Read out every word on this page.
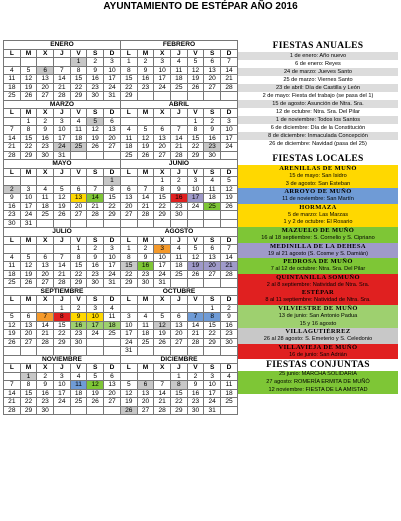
AYUNTAMIENTO DE ESTÉPAR AÑO 2016
ENERO							FEBRERO						
L	M	X	J	V	S	D	L	M	X	J	V	S	D
				1	2	3	1	2	3	4	5	6	7
4	5	6	7	8	9	10	8	9	10	11	12	13	14
11	12	13	14	15	16	17	15	16	17	18	19	20	21
18	19	20	21	22	23	24	22	23	24	25	26	27	28
25	26	27	28	29	30	31	29						
MARZO							ABRIL						
L	M	X	J	V	S	D	L	M	X	J	V	S	D
	1	2	3	4	5	6					1	2	3
7	8	9	10	11	12	13	4	5	6	7	8	9	10
14	15	16	17	18	19	20	11	12	13	14	15	16	17
21	22	23	24	25	26	27	18	19	20	21	22	23	24
28	29	30	31				25	26	27	28	29	30	
MAYO							JUNIO						
L	M	X	J	V	S	D	L	M	X	J	V	S	D
						1			1	2	3	4	5
2	3	4	5	6	7	8	6	7	8	9	10	11	12
9	10	11	12	13	14	15	13	14	15	16	17	18	19
16	17	18	19	20	21	22	20	21	22	23	24	25	26
23	24	25	26	27	28	29	27	28	29	30			
30	31												
JULIO							AGOSTO						
L	M	X	J	V	S	D	L	M	X	J	V	S	D
				1	2	3	1	2	3	4	5	6	7
4	5	6	7	8	9	10	8	9	10	11	12	13	14
11	12	13	14	15	16	17	15	16	17	18	19	20	21
18	19	20	21	22	23	24	22	23	24	25	26	27	28
25	26	27	28	29	30	31	29	30	31				
SEPTIEMBRE							OCTUBRE						
L	M	X	J	V	S	D	L	M	X	J	V	S	D
			1	2	3	4						1	2
5	6	7	8	9	10	11	3	4	5	6	7	8	9
12	13	14	15	16	17	18	10	11	12	13	14	15	16
19	20	21	22	23	24	25	17	18	19	20	21	22	23
26	27	28	29	30			24	25	26	27	28	29	30
							31						
NOVIEMBRE							DICIEMBRE						
L	M	X	J	V	S	D	L	M	X	J	V	S	D
	1	2	3	4	5	6				1	2	3	4
7	8	9	10	11	12	13	5	6	7	8	9	10	11
14	15	16	17	18	19	20	12	13	14	15	16	17	18
21	22	23	24	25	26	27	19	20	21	22	23	24	25
28	29	30					26	27	28	29	30	31	
FIESTAS ANUALES
1 de enero: Año nuevo
6 de enero: Reyes
24 de marzo: Jueves Santo
25 de marzo: Viernes Santo
23 de abril: Día de Castilla y León
2 de mayo: Fiesta del trabajo (se pasa del 1)
15 de agosto: Asunción de Ntra. Sra.
12 de octubre: Ntra. Sra. Del Pilar
1 de noviembre: Todos los Santos
6 de diciembre: Día de la Constitución
8 de diciembre: Inmaculada Concepción
26 de diciembre: Navidad (pasa del 25)
FIESTAS LOCALES
ARENILLAS DE MUÑÓ
15 de mayo: San Isidro
3 de agosto: San Esteban
ARROYO DE MUÑÓ
11 de noviembre: San Martín
HORMAZA
5 de marzo: Las Marzas
1 y 2 de octubre: El Rosario
MAZUELO DE MUÑÓ
16 al 18 septiembre: S. Cornelio y S. Cipriano
MEDINILLA DE LA DEHESA
19 al 21 agosto (S. Cosme y S. Damián)
PEDROSA DE MUÑÓ
7 al 12 de octubre: Ntra. Sra. Del Pilar
QUINTANILLA SOMUÑÓ
2 al 8 septiembre: Natividad de Ntra. Sra.
ESTÉPAR
8 al 11 septiembre: Natividad de Ntra. Sra.
VILVIESTRE DE MUÑÓ
13 de junio: San Antonio Padua
15 y 16 agosto
VILLAGUTIÉRREZ
26 al 28 agosto: S. Emeterio y S. Celedonio
VILLAVIEJA DE MUÑÓ
16 de junio: San Adrián
FIESTAS CONJUNTAS
25 junio: MARCHA SOLIDARIA
27 agosto: ROMERÍA ERMITA DE MUÑÓ
12 noviembre: FIESTA DE LA AMISTAD
